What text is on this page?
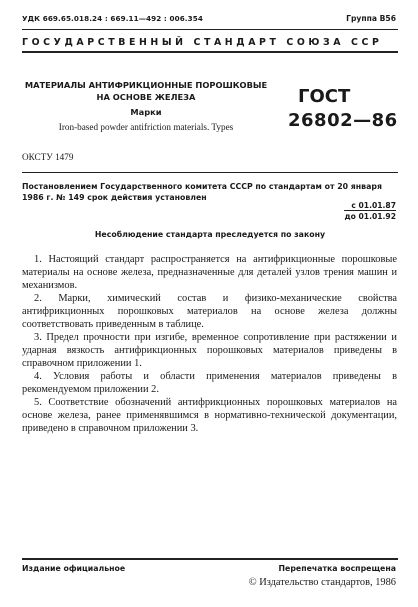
УДК 669.65.018.24 : 669.11—492 : 006.354	Группа В56
ГОСУДАРСТВЕННЫЙ СТАНДАРТ СОЮЗА ССР
МАТЕРИАЛЫ АНТИФРИКЦИОННЫЕ ПОРОШКОВЫЕ
НА ОСНОВЕ ЖЕЛЕЗА
Марки
Iron-based powder antifriction materials. Types
ГОСТ
26802—86
ОКСТУ 1479
Постановлением Государственного комитета СССР по стандартам от 20 января 1986 г. № 149 срок действия установлен
с 01.01.87
до 01.01.92
Несоблюдение стандарта преследуется по закону

1. Настоящий стандарт распространяется на антифрикционные порошковые материалы на основе железа, предназначенные для деталей узлов трения машин и механизмов.

2. Марки, химический состав и физико-механические свойства антифрикционных порошковых материалов на основе железа должны соответствовать приведенным в таблице.

3. Предел прочности при изгибе, временное сопротивление при растяжении и ударная вязкость антифрикционных порошковых материалов приведены в справочном приложении 1.

4. Условия работы и области применения материалов приведены в рекомендуемом приложении 2.

5. Соответствие обозначений антифрикционных порошковых материалов на основе железа, ранее применявшимся в нормативно-технической документации, приведено в справочном приложении 3.

Издание официальное	Перепечатка воспрещена
© Издательство стандартов, 1986
